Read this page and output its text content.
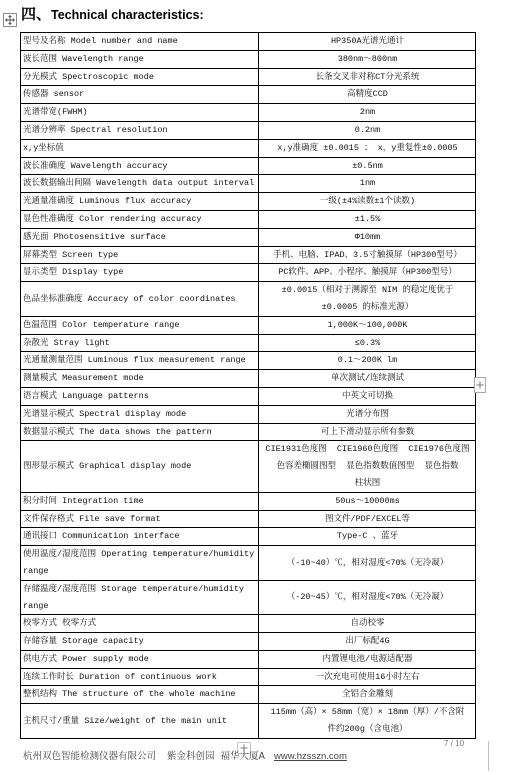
四、Technical characteristics:
型号及名称 Model number and name	HP350A光谱光通计
波长范围 Wavelength range	380nm～800nm
分光模式 Spectroscopic mode	长条交叉非对称CT分光系统
传感器 sensor	高精度CCD
光谱带宽(FWHM)	2nm
光谱分辨率 Spectral resolution	0.2nm
x,y坐标值	x,y准确度 ±0.0015 ； x，y重复性±0.0005
波长准确度 Wavelength accuracy	±0.5nm
波长数据输出间隔 Wavelength data output interval	1nm
光通量准确度 Luminous flux accuracy	一级(±4%读数±1个读数)
显色性准确度 Color rendering accuracy	±1.5%
感光面 Photosensitive surface	Φ10mm
屏幕类型 Screen type	手机、电脑、IPAD、3.5寸触摸屏（HP300型号）
显示类型 Display type	PC软件、APP、小程序、触摸屏（HP300型号）
色品坐标准确度 Accuracy of color coordinates	±0.0015（相对于溯源至 NIM 的稳定度优于
±0.0005 的标准光源）
色温范围 Color temperature range	1,000K～100,000K
杂散光 Stray light	≤0.3%
光通量测量范围 Luminous flux measurement range	0.1～200K lm
测量模式 Measurement mode	单次测试/连续测试
语言模式 Language patterns	中英文可切换
光谱显示模式 Spectral display mode	光谱分布图
数据显示模式 The data shows the pattern	可上下滑动显示所有参数
图形显示模式 Graphical display mode	CIE1931色度图  CIE1960色度图  CIE1976色度图
色容差椭圆图型  显色指数数值图型  显色指数
柱状图
积分时间 Integration time	50us～10000ms
文件保存格式 File save format	图文件/PDF/EXCEL等
通讯接口 Communication interface	Type-C 、蓝牙
使用温度/湿度范围 Operating temperature/humidity
range	（-10~40）℃，相对湿度<70%（无冷凝）
存储温度/湿度范围 Storage temperature/humidity
range	（-20~45）℃，相对湿度<70%（无冷凝）
校零方式 校零方式	自动校零
存储容量 Storage capacity	出厂标配4G
供电方式 Power supply mode	内置锂电池/电源适配器
连续工作时长 Duration of continuous work	一次充电可使用16小时左右
整机结构 The structure of the whole machine	全铝合金雕刻
主机尺寸/重量 Size/weight of the main unit	115mm（高）× 58mm（宽）× 18mm（厚）/不含附
件约200g（含电池）
杭州双色智能检测仪器有限公司 紫金科创园 福华大厦A www.hzsszn.com
7 / 10
